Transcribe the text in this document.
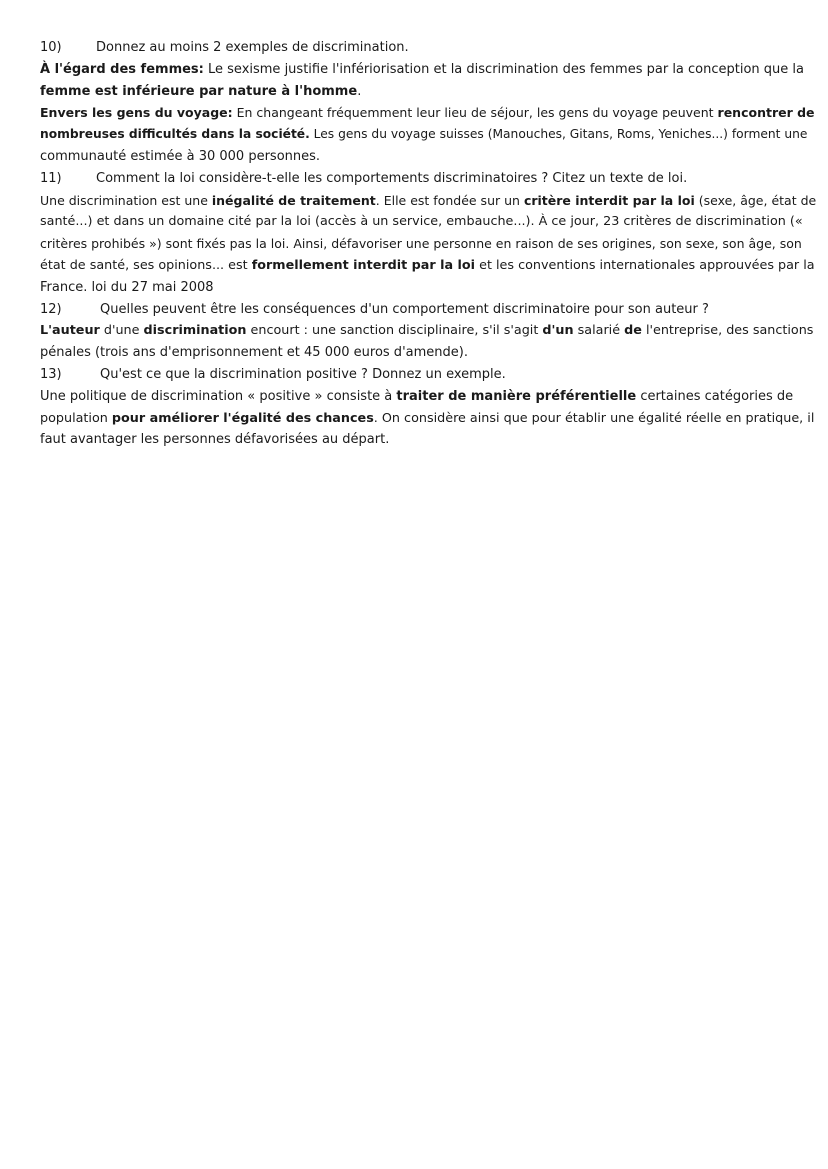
10)	Donnez au moins 2 exemples de discrimination.
À l'égard des femmes: Le sexisme justifie l'infériorisation et la discrimination des femmes par la conception que la
femme est inférieure par nature à l'homme.
Envers les gens du voyage: En changeant fréquemment leur lieu de séjour, les gens du voyage peuvent rencontrer de
nombreuses difficultés dans la société. Les gens du voyage suisses (Manouches, Gitans, Roms, Yeniches...) forment une
communauté estimée à 30 000 personnes.
11)	Comment la loi considère-t-elle les comportements discriminatoires ? Citez un texte de loi.
Une discrimination est une inégalité de traitement. Elle est fondée sur un critère interdit par la loi (sexe, âge, état de
santé...) et dans un domaine cité par la loi (accès à un service, embauche...). À ce jour, 23 critères de discrimination («
critères prohibés ») sont fixés pas la loi. Ainsi, défavoriser une personne en raison de ses origines, son sexe, son âge, son
état de santé, ses opinions... est formellement interdit par la loi et les conventions internationales approuvées par la
France. loi du 27 mai 2008
12)	Quelles peuvent être les conséquences d'un comportement discriminatoire pour son auteur ?
L'auteur d'une discrimination encourt : une sanction disciplinaire, s'il s'agit d'un salarié de l'entreprise, des sanctions
pénales (trois ans d'emprisonnement et 45 000 euros d'amende).
13)	Qu'est ce que la discrimination positive ? Donnez un exemple.
Une politique de discrimination « positive » consiste à traiter de manière préférentielle certaines catégories de
population pour améliorer l'égalité des chances. On considère ainsi que pour établir une égalité réelle en pratique, il
faut avantager les personnes défavorisées au départ.
